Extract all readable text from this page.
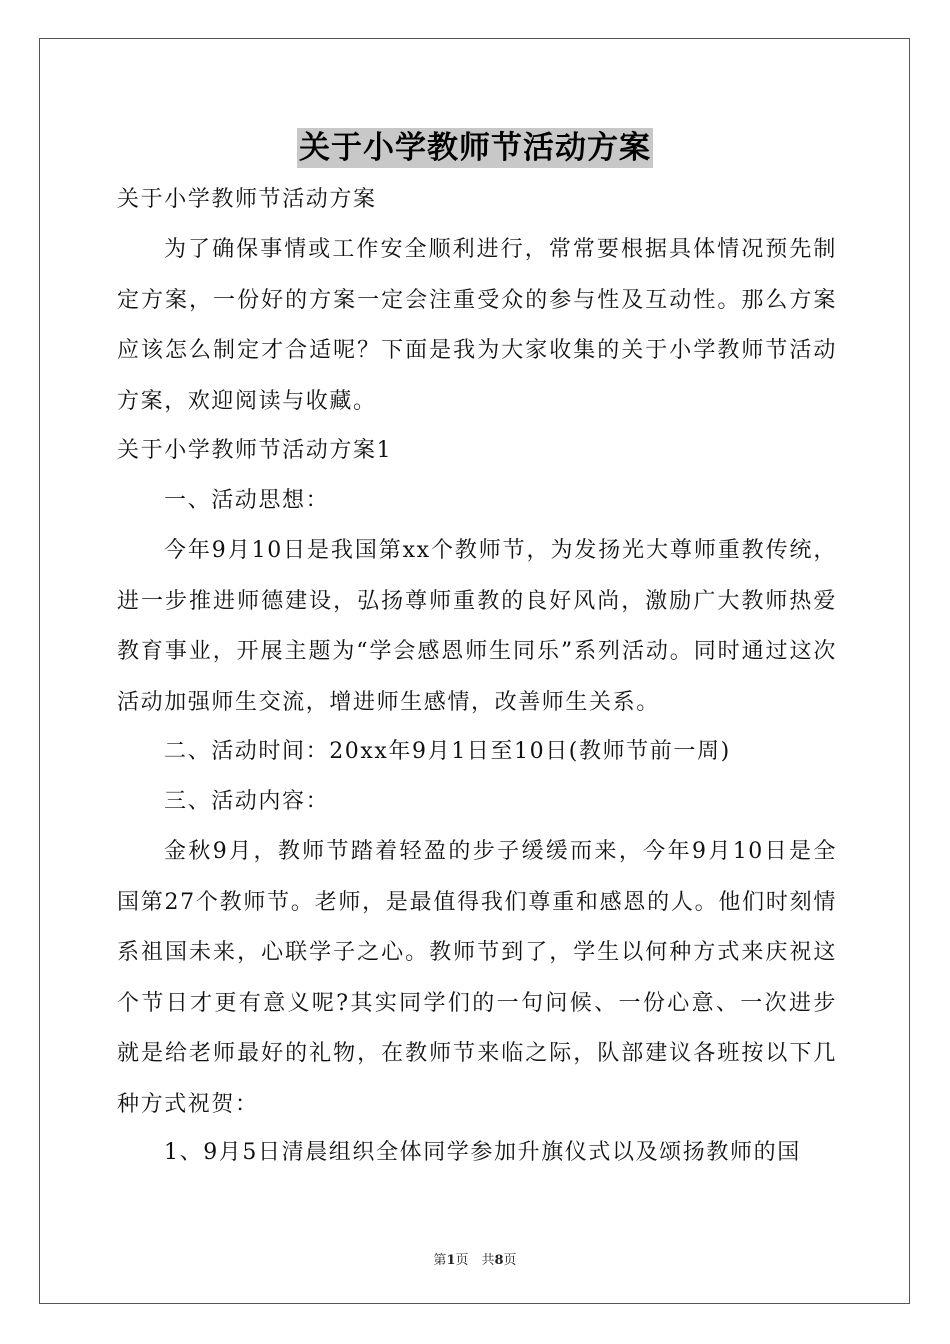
关于小学教师节活动方案

关于小学教师节活动方案

为了确保事情或工作安全顺利进行，常常要根据具体情况预先制定方案，一份好的方案一定会注重受众的参与性及互动性。那么方案应该怎么制定才合适呢？下面是我为大家收集的关于小学教师节活动方案，欢迎阅读与收藏。

关于小学教师节活动方案1

一、活动思想：

今年9月10日是我国第xx个教师节，为发扬光大尊师重教传统，进一步推进师德建设，弘扬尊师重教的良好风尚，激励广大教师热爱教育事业，开展主题为“学会感恩师生同乐”系列活动。同时通过这次活动加强师生交流，增进师生感情，改善师生关系。

二、活动时间：20xx年9月1日至10日(教师节前一周)

三、活动内容：

金秋9月，教师节踏着轻盈的步子缓缓而来，今年9月10日是全国第27个教师节。老师，是最值得我们尊重和感恩的人。他们时刻情系祖国未来，心联学子之心。教师节到了，学生以何种方式来庆祝这个节日才更有意义呢?其实同学们的一句问候、一份心意、一次进步就是给老师最好的礼物，在教师节来临之际，队部建议各班按以下几种方式祝贺：

1、9月5日清晨组织全体同学参加升旗仪式以及颂扬教师的国

第1页　共8页
